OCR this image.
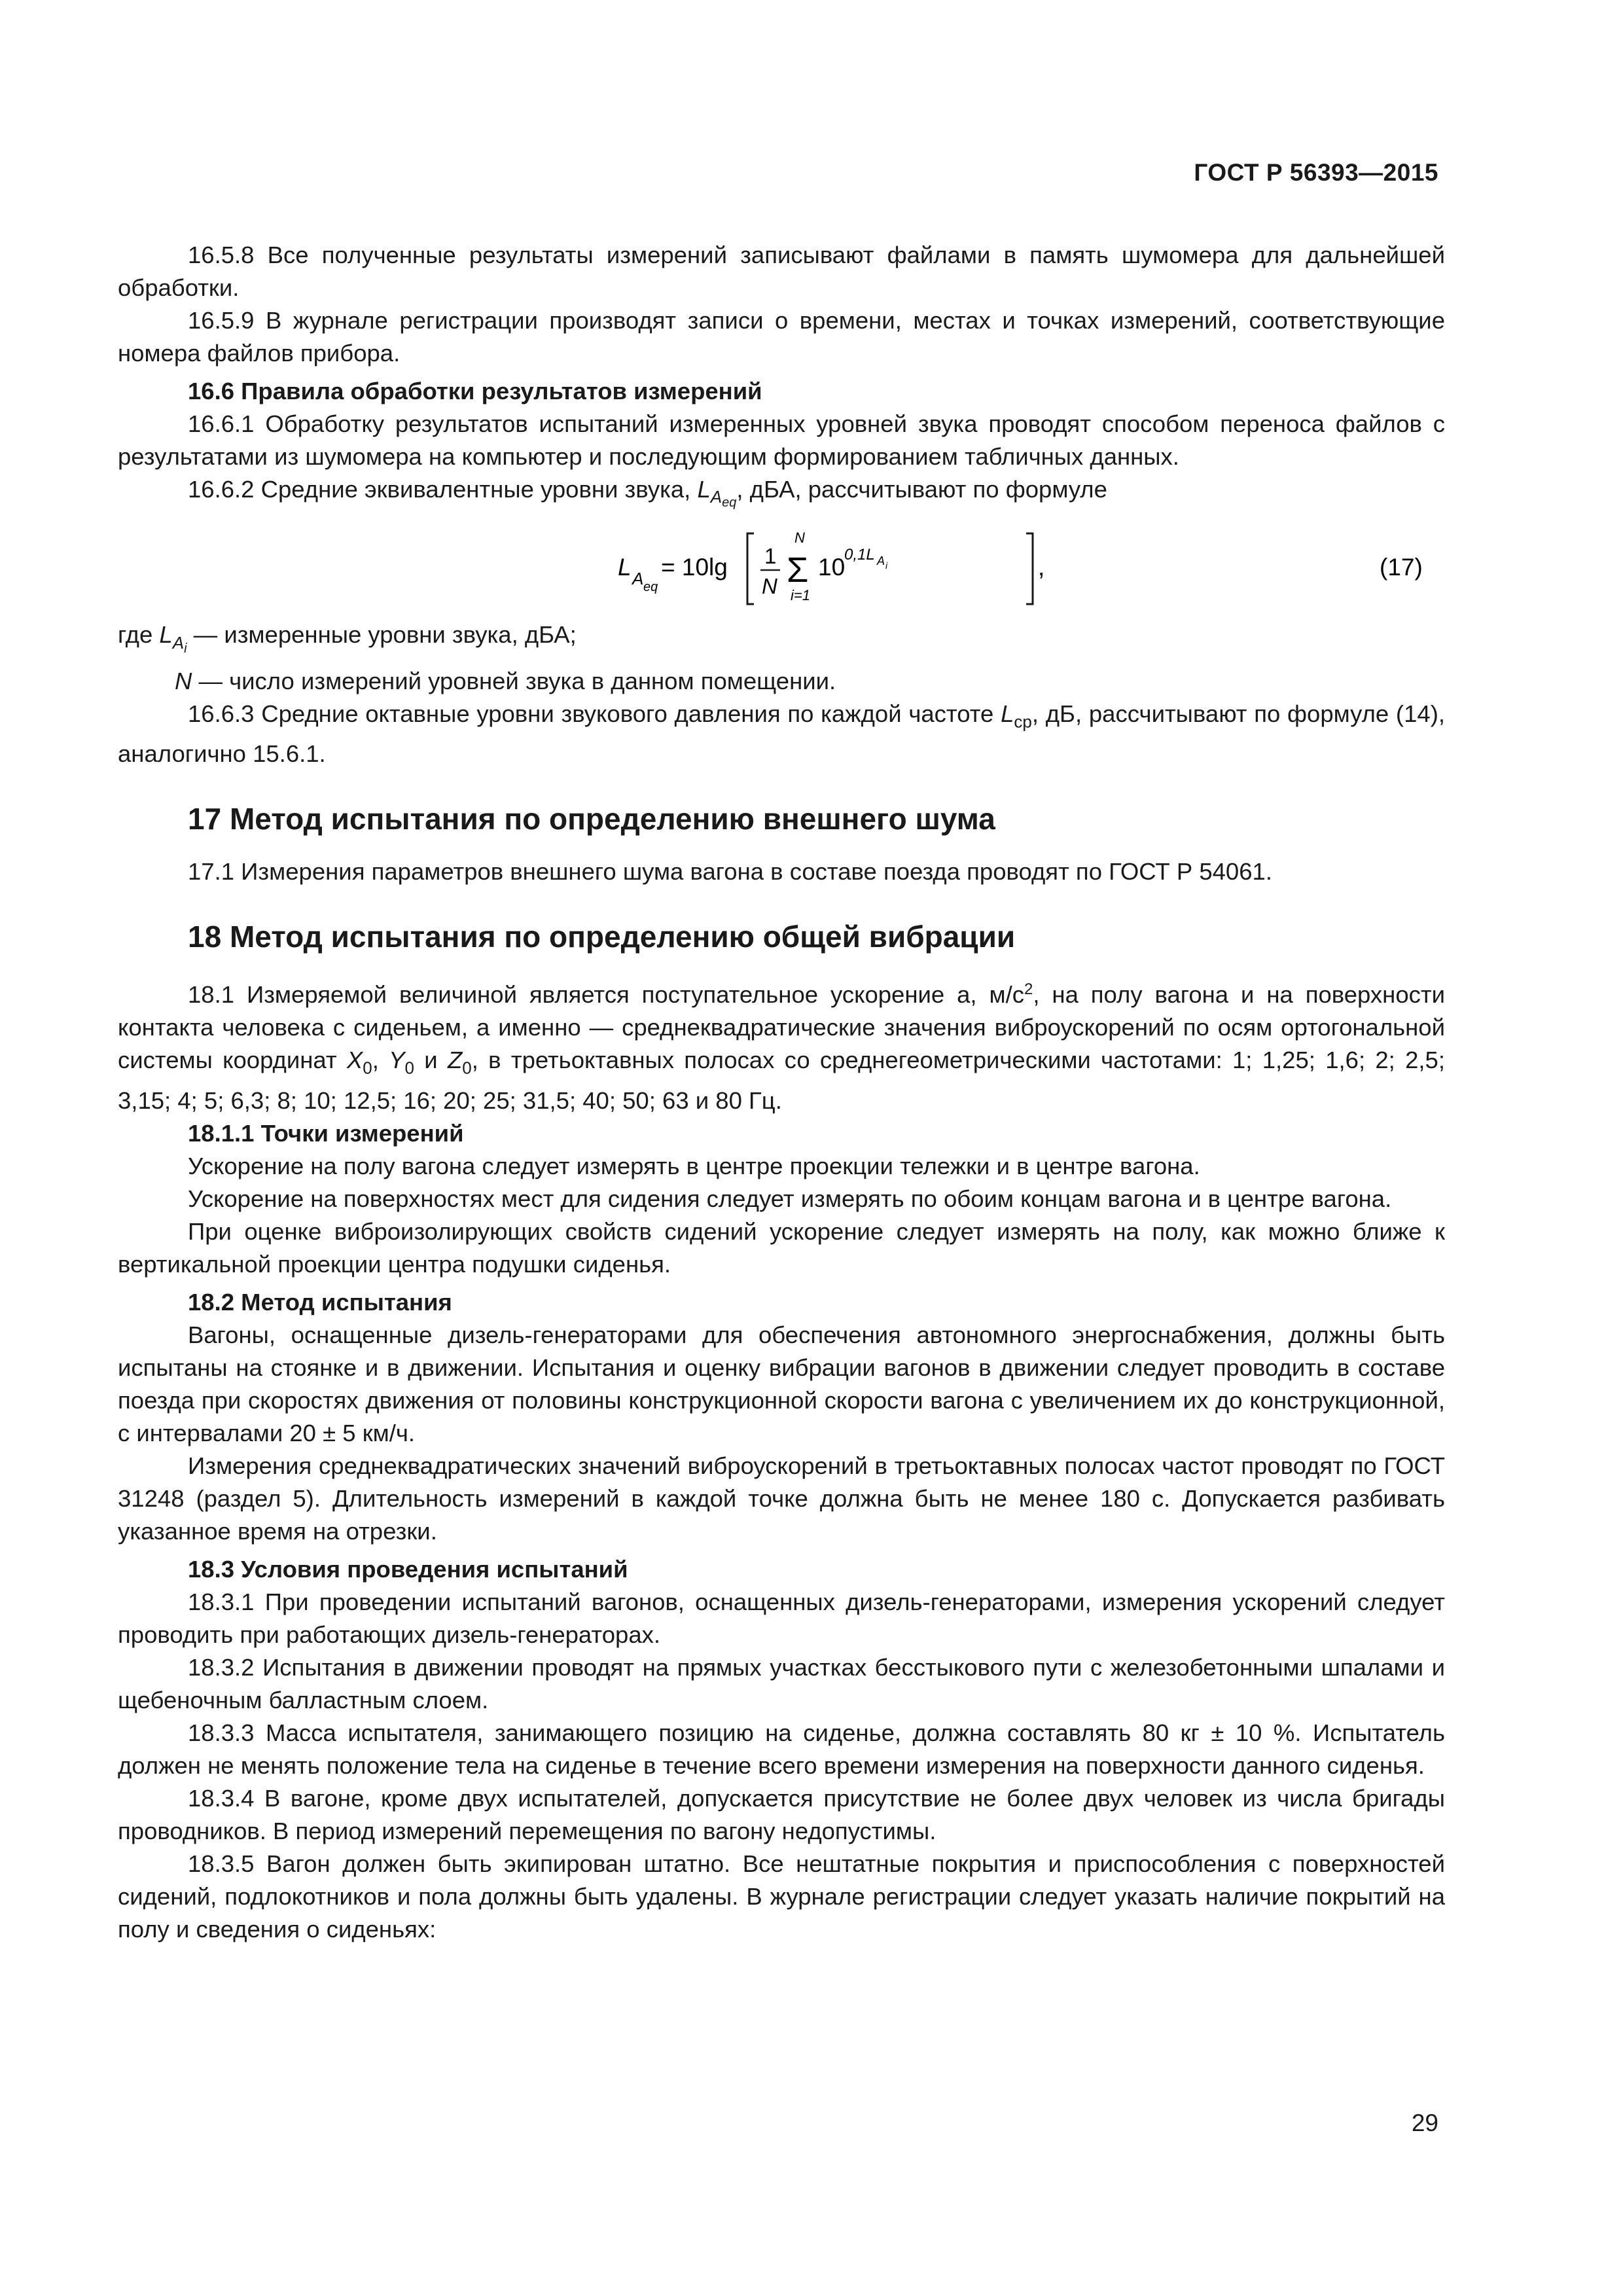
ГОСТ Р 56393—2015

16.5.8 Все полученные результаты измерений записывают файлами в память шумомера для дальнейшей обработки.

16.5.9 В журнале регистрации производят записи о времени, местах и точках измерений, соответствующие номера файлов прибора.

16.6 Правила обработки результатов измерений

16.6.1 Обработку результатов испытаний измеренных уровней звука проводят способом переноса файлов с результатами из шумомера на компьютер и последующим формированием табличных данных.

16.6.2 Средние эквивалентные уровни звука, $L_{A_{eq}}$, дБА, рассчитывают по формуле

L A eq
= 10lg 1
N
N
Σ
i=1
10
0,1L A i	,	(17)

где $L_{A_i}$ — измеренные уровни звука, дБА;

N — число измерений уровней звука в данном помещении.

16.6.3 Средние октавные уровни звукового давления по каждой частоте $L_{ср}$, дБ, рассчитывают по формуле (14), аналогично 15.6.1.

17 Метод испытания по определению внешнего шума

17.1 Измерения параметров внешнего шума вагона в составе поезда проводят по ГОСТ Р 54061.

18 Метод испытания по определению общей вибрации

18.1 Измеряемой величиной является поступательное ускорение а, $м/с^2$, на полу вагона и на поверхности контакта человека с сиденьем, а именно — среднеквадратические значения виброускорений по осям ортогональной системы координат $X_0$, $Y_0$ и $Z_0$, в третьоктавных полосах со среднегеометрическими частотами: 1; 1,25; 1,6; 2; 2,5; 3,15; 4; 5; 6,3; 8; 10; 12,5; 16; 20; 25; 31,5; 40; 50; 63 и 80 Гц.

18.1.1 Точки измерений

Ускорение на полу вагона следует измерять в центре проекции тележки и в центре вагона.

Ускорение на поверхностях мест для сидения следует измерять по обоим концам вагона и в центре вагона.

При оценке виброизолирующих свойств сидений ускорение следует измерять на полу, как можно ближе к вертикальной проекции центра подушки сиденья.

18.2 Метод испытания

Вагоны, оснащенные дизель-генераторами для обеспечения автономного энергоснабжения, должны быть испытаны на стоянке и в движении. Испытания и оценку вибрации вагонов в движении следует проводить в составе поезда при скоростях движения от половины конструкционной скорости вагона с увеличением их до конструкционной, с интервалами 20 ± 5 км/ч.

Измерения среднеквадратических значений виброускорений в третьоктавных полосах частот проводят по ГОСТ 31248 (раздел 5). Длительность измерений в каждой точке должна быть не менее 180 с. Допускается разбивать указанное время на отрезки.

18.3 Условия проведения испытаний

18.3.1 При проведении испытаний вагонов, оснащенных дизель-генераторами, измерения ускорений следует проводить при работающих дизель-генераторах.

18.3.2 Испытания в движении проводят на прямых участках бесстыкового пути с железобетонными шпалами и щебеночным балластным слоем.

18.3.3 Масса испытателя, занимающего позицию на сиденье, должна составлять 80 кг ± 10 %. Испытатель должен не менять положение тела на сиденье в течение всего времени измерения на поверхности данного сиденья.

18.3.4 В вагоне, кроме двух испытателей, допускается присутствие не более двух человек из числа бригады проводников. В период измерений перемещения по вагону недопустимы.

18.3.5 Вагон должен быть экипирован штатно. Все нештатные покрытия и приспособления с поверхностей сидений, подлокотников и пола должны быть удалены. В журнале регистрации следует указать наличие покрытий на полу и сведения о сиденьях:

29
